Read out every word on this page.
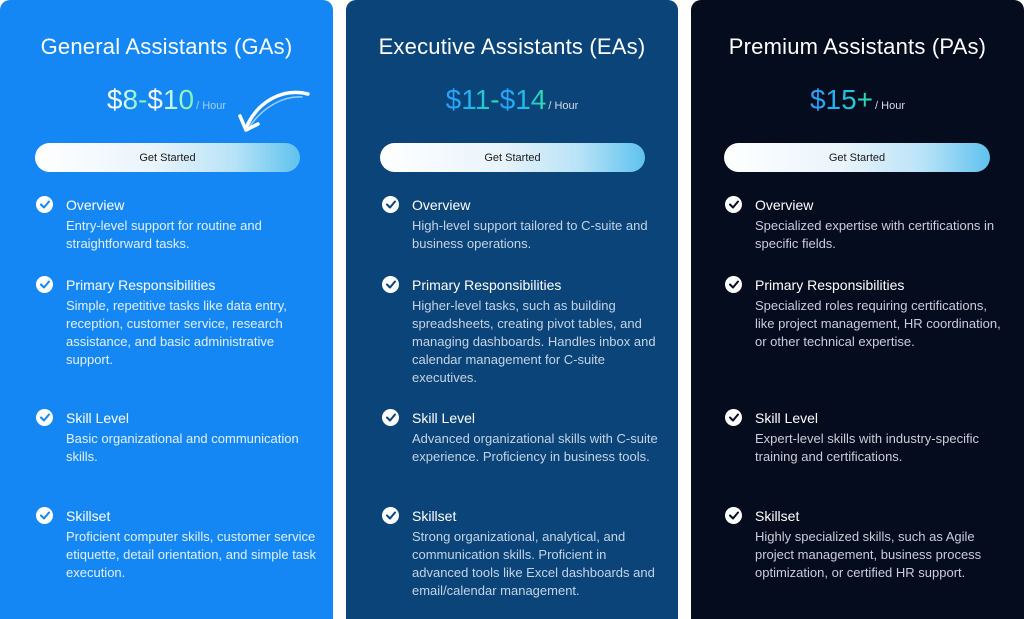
General Assistants (GAs)
$8- $10 / Hour
Get Started
Overview
Entry-level support for routine and straightforward tasks.
Primary Responsibilities
Simple, repetitive tasks like data entry, reception, customer service, research assistance, and basic administrative support.
Skill Level
Basic organizational and communication skills.
Skillset
Proficient computer skills, customer service etiquette, detail orientation, and simple task execution.
Executive Assistants (EAs)
$11- $14 / Hour
Get Started
Overview
High-level support tailored to C-suite and business operations.
Primary Responsibilities
Higher-level tasks, such as building spreadsheets, creating pivot tables, and managing dashboards. Handles inbox and calendar management for C-suite executives.
Skill Level
Advanced organizational skills with C-suite experience. Proficiency in business tools.
Skillset
Strong organizational, analytical, and communication skills. Proficient in advanced tools like Excel dashboards and email/calendar management.
Premium Assistants (PAs)
$15+ / Hour
Get Started
Overview
Specialized expertise with certifications in specific fields.
Primary Responsibilities
Specialized roles requiring certifications, like project management, HR coordination, or other technical expertise.
Skill Level
Expert-level skills with industry-specific training and certifications.
Skillset
Highly specialized skills, such as Agile project management, business process optimization, or certified HR support.
